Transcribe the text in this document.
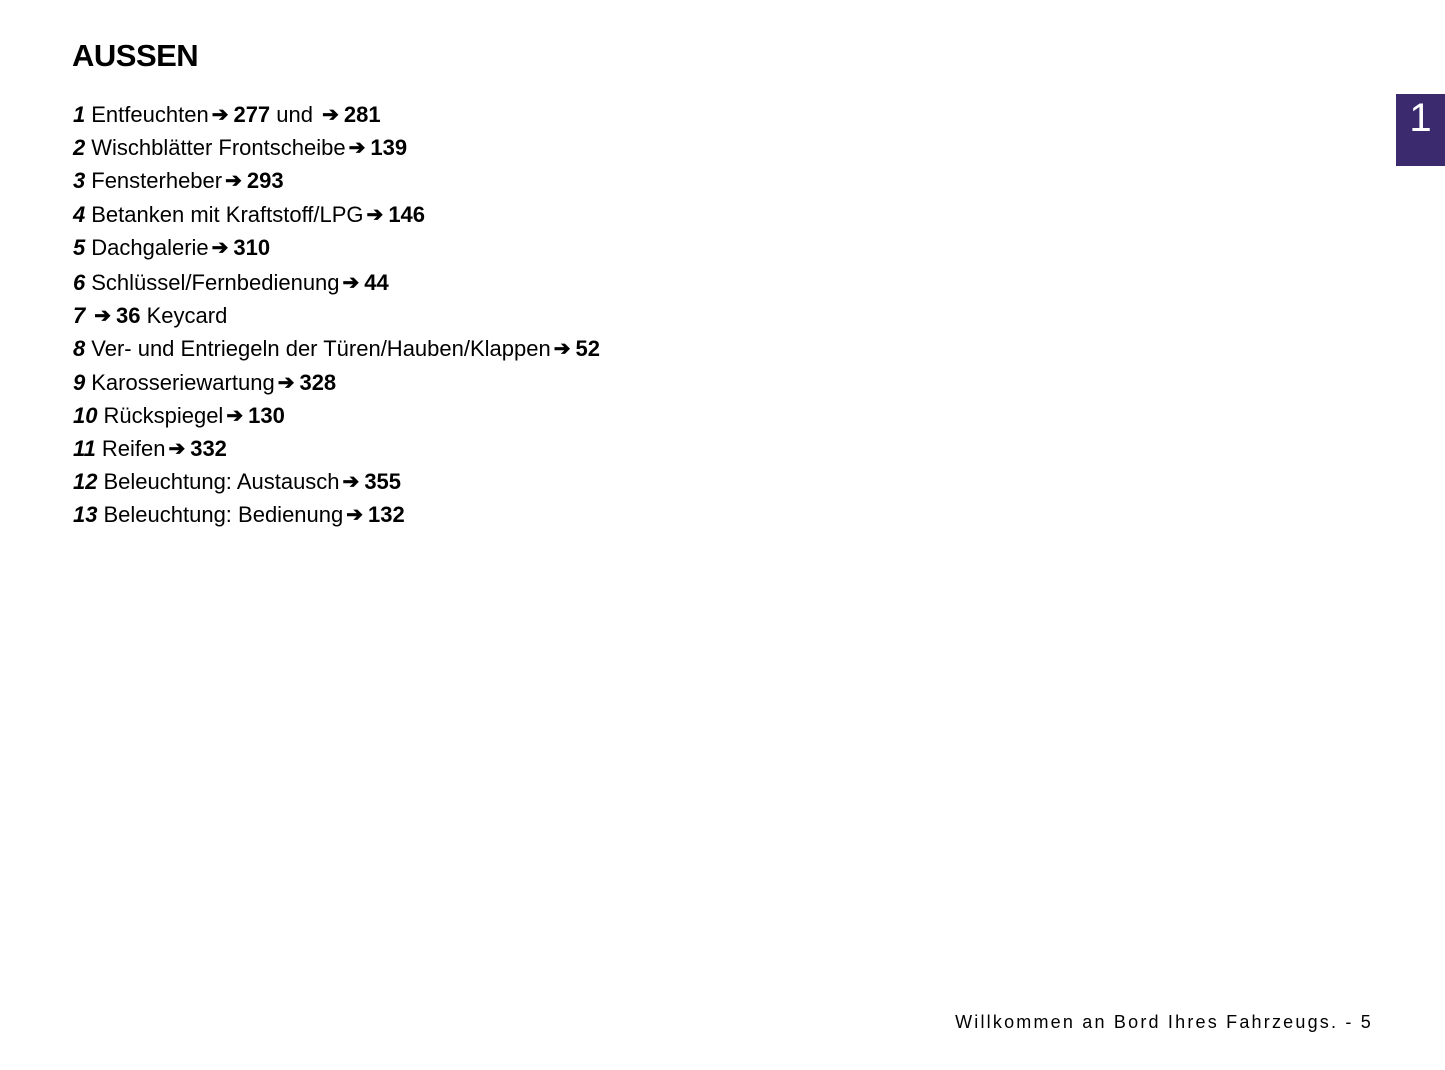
AUSSEN
1
1 Entfeuchten ➔ 277 und ➔ 281
2 Wischblätter Frontscheibe ➔ 139
3 Fensterheber ➔ 293
4 Betanken mit Kraftstoff/LPG ➔ 146
5 Dachgalerie ➔ 310
6 Schlüssel/Fernbedienung ➔ 44
7 ➔ 36 Keycard
8 Ver- und Entriegeln der Türen/Hauben/Klappen ➔ 52
9 Karosseriewartung ➔ 328
10 Rückspiegel ➔ 130
11 Reifen ➔ 332
12 Beleuchtung: Austausch ➔ 355
13 Beleuchtung: Bedienung ➔ 132
Willkommen an Bord Ihres Fahrzeugs. - 5
